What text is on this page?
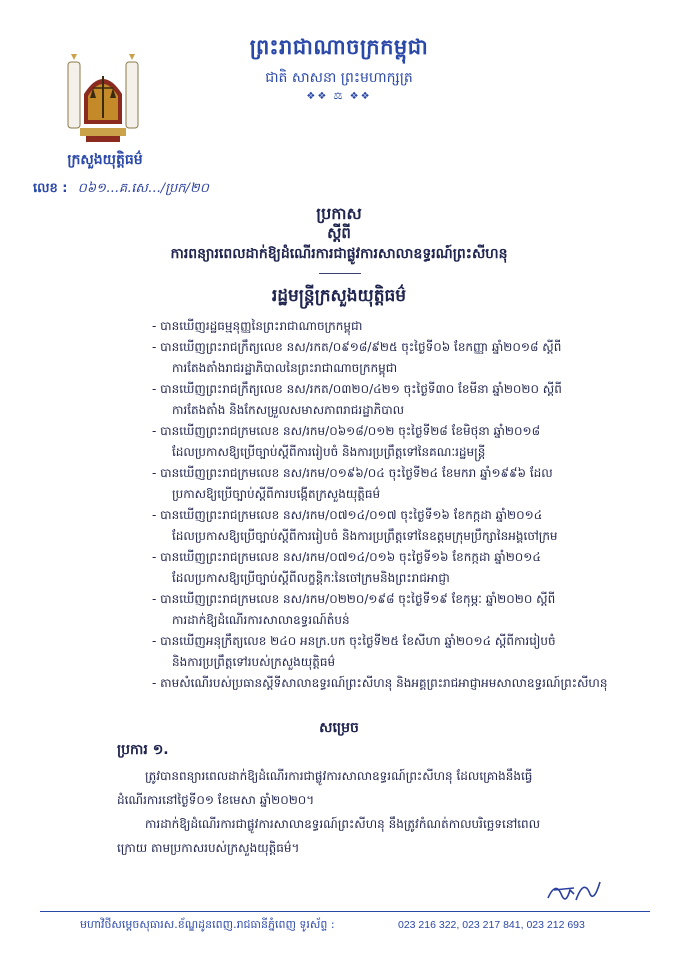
ព្រះរាជាណាចក្រកម្ពុជា
ជាតិ សាសនា ព្រះមហាក្សត្រ
❖❖ ⚖ ❖❖
ក្រសួងយុត្តិធម៌
លេខ : ០៦១…គ.សេ…/ប្រក/២០
ប្រកាស
ស្តីពី
ការពន្យារពេលដាក់ឱ្យដំណើរការជាផ្លូវការសាលាឧទ្ធរណ៍ព្រះសីហនុ
រដ្ឋមន្ត្រីក្រសួងយុត្តិធម៌
- បានឃើញរដ្ឋធម្មនុញ្ញនៃព្រះរាជាណាចក្រកម្ពុជា
- បានឃើញព្រះរាជក្រឹត្យលេខ នស/រកត/០៩១៨/៩២៥ ចុះថ្ងៃទី០៦ ខែកញ្ញា ឆ្នាំ២០១៨ ស្តីពី
ការតែងតាំងរាជរដ្ឋាភិបាលនៃព្រះរាជាណាចក្រកម្ពុជា
- បានឃើញព្រះរាជក្រឹត្យលេខ នស/រកត/០៣២០/៤២១ ចុះថ្ងៃទី៣០ ខែមីនា ឆ្នាំ២០២០ ស្តីពី
ការតែងតាំង និងកែសម្រួលសមាសភាពរាជរដ្ឋាភិបាល
- បានឃើញព្រះរាជក្រមលេខ នស/រកម/០៦១៨/០១២ ចុះថ្ងៃទី២៨ ខែមិថុនា ឆ្នាំ២០១៨
ដែលប្រកាសឱ្យប្រើច្បាប់ស្តីពីការរៀបចំ និងការប្រព្រឹត្តទៅនៃគណៈរដ្ឋមន្ត្រី
- បានឃើញព្រះរាជក្រមលេខ នស/រកម/០១៩៦/០៤ ចុះថ្ងៃទី២៤ ខែមករា ឆ្នាំ១៩៩៦ ដែល
ប្រកាសឱ្យប្រើច្បាប់ស្តីពីការបង្កើតក្រសួងយុត្តិធម៌
- បានឃើញព្រះរាជក្រមលេខ នស/រកម/០៧១៤/០១៧ ចុះថ្ងៃទី១៦ ខែកក្កដា ឆ្នាំ២០១៤
ដែលប្រកាសឱ្យប្រើច្បាប់ស្តីពីការរៀបចំ និងការប្រព្រឹត្តទៅនៃឧត្តមក្រុមប្រឹក្សានៃអង្គចៅក្រម
- បានឃើញព្រះរាជក្រមលេខ នស/រកម/០៧១៤/០១៦ ចុះថ្ងៃទី១៦ ខែកក្កដា ឆ្នាំ២០១៤
ដែលប្រកាសឱ្យប្រើច្បាប់ស្តីពីលក្ខន្តិកៈនៃចៅក្រមនិងព្រះរាជអាជ្ញា
- បានឃើញព្រះរាជក្រមលេខ នស/រកម/០២២០/១៩៨ ចុះថ្ងៃទី១៩ ខែកុម្ភៈ ឆ្នាំ២០២០ ស្តីពី
ការដាក់ឱ្យដំណើរការសាលាឧទ្ធរណ៍តំបន់
- បានឃើញអនុក្រឹត្យលេខ ២៤០ អនក្រ.បក ចុះថ្ងៃទី២៥ ខែសីហា ឆ្នាំ២០១៤ ស្តីពីការរៀបចំ
និងការប្រព្រឹត្តទៅរបស់ក្រសួងយុត្តិធម៌
- តាមសំណើរបស់ប្រធានស្តីទីសាលាឧទ្ធរណ៍ព្រះសីហនុ និងអគ្គព្រះរាជអាជ្ញាអមសាលាឧទ្ធរណ៍ព្រះសីហនុ
សម្រេច
ប្រការ ១.
ត្រូវបានពន្យារពេលដាក់ឱ្យដំណើរការជាផ្លូវការសាលាឧទ្ធរណ៍ព្រះសីហនុ ដែលគ្រោងនឹងធ្វើ
ដំណើរការនៅថ្ងៃទី០១ ខែមេសា ឆ្នាំ២០២០។
ការដាក់ឱ្យដំណើរការជាផ្លូវការសាលាឧទ្ធរណ៍ព្រះសីហនុ នឹងត្រូវកំណត់កាលបរិច្ឆេទនៅពេល
ក្រោយ តាមប្រកាសរបស់ក្រសួងយុត្តិធម៌។
មហាវិថីសម្តេចសុធារស.ខ័ណ្ឌដូនពេញ.រាជធានីភ្នំពេញ ទូរស័ព្ទ :	023 216 322, 023 217 841, 023 212 693
